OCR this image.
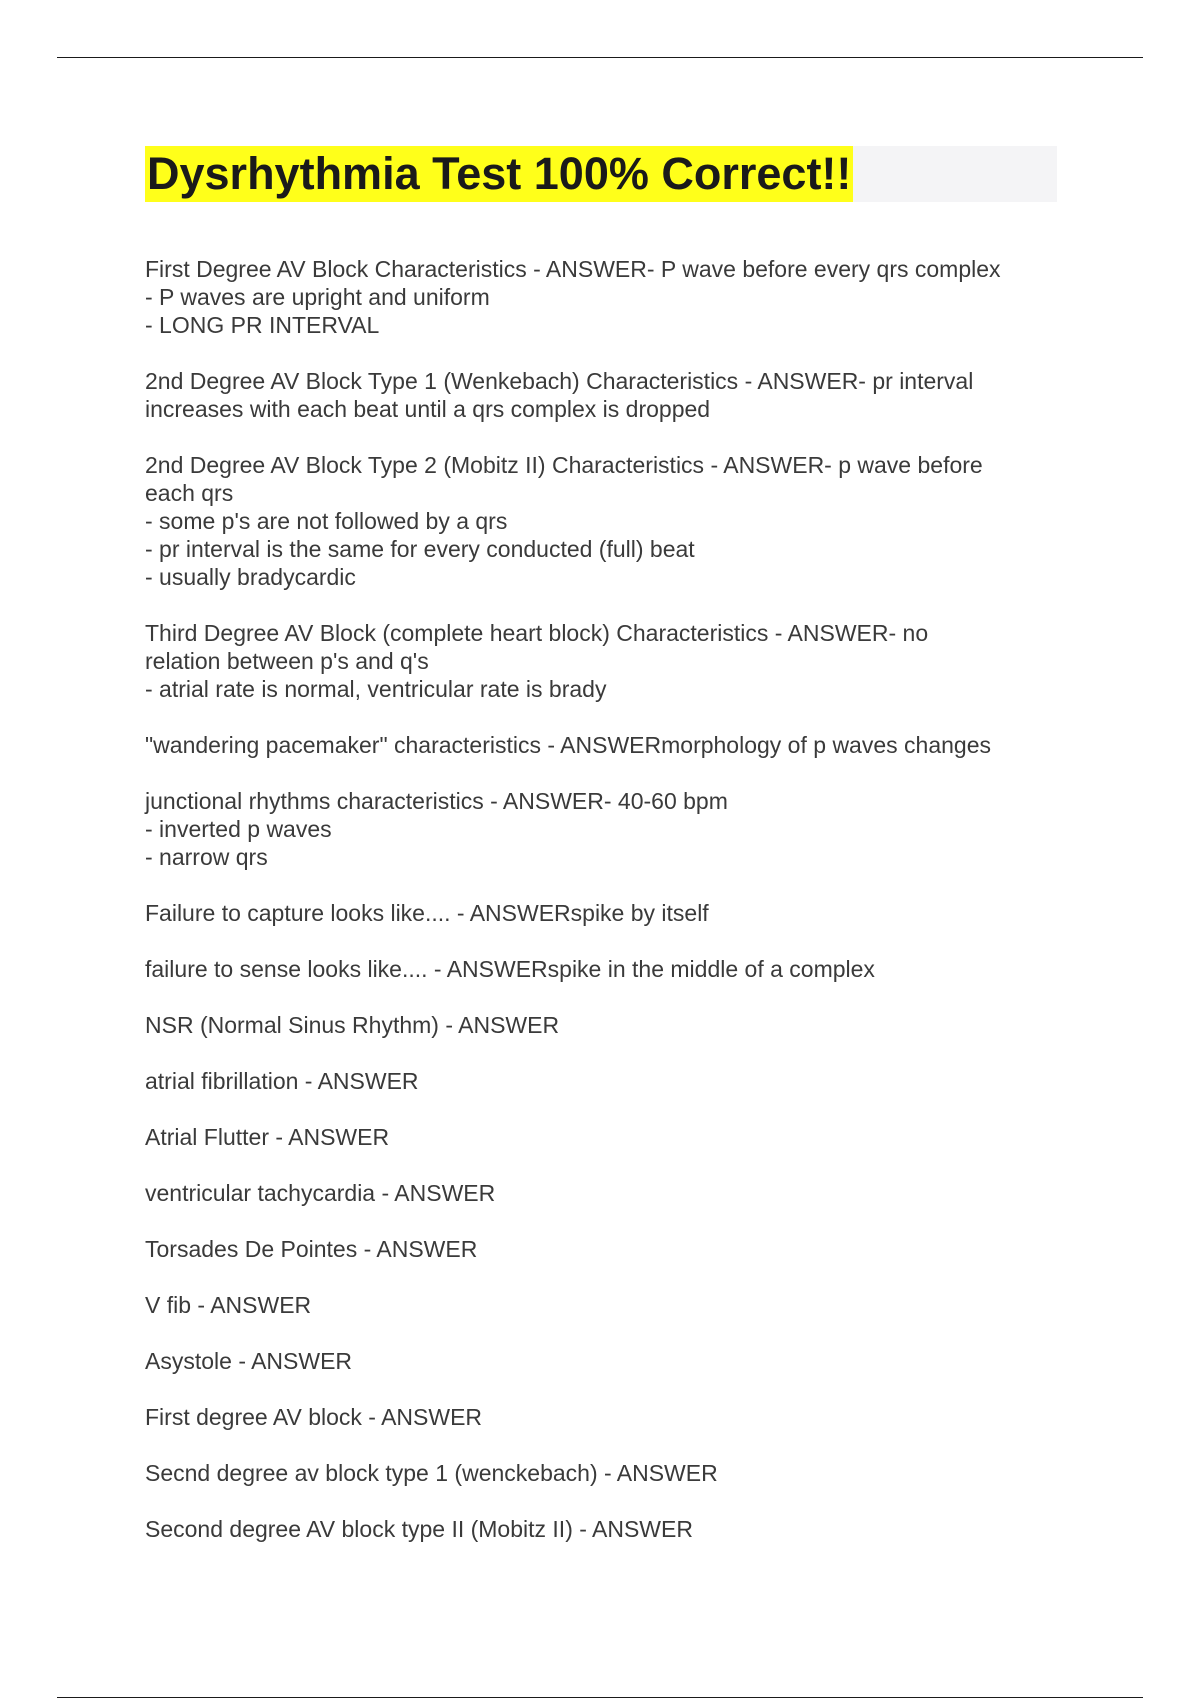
Dysrhythmia Test 100% Correct!!

First Degree AV Block Characteristics - ANSWER- P wave before every qrs complex
- P waves are upright and uniform
- LONG PR INTERVAL

2nd Degree AV Block Type 1 (Wenkebach) Characteristics - ANSWER- pr interval
increases with each beat until a qrs complex is dropped

2nd Degree AV Block Type 2 (Mobitz II) Characteristics - ANSWER- p wave before
each qrs
- some p's are not followed by a qrs
- pr interval is the same for every conducted (full) beat
- usually bradycardic

Third Degree AV Block (complete heart block) Characteristics - ANSWER- no
relation between p's and q's
- atrial rate is normal, ventricular rate is brady

"wandering pacemaker" characteristics - ANSWERmorphology of p waves changes

junctional rhythms characteristics - ANSWER- 40-60 bpm
- inverted p waves
- narrow qrs

Failure to capture looks like.... - ANSWERspike by itself

failure to sense looks like.... - ANSWERspike in the middle of a complex

NSR (Normal Sinus Rhythm) - ANSWER

atrial fibrillation - ANSWER

Atrial Flutter - ANSWER

ventricular tachycardia - ANSWER

Torsades De Pointes - ANSWER

V fib - ANSWER

Asystole - ANSWER

First degree AV block - ANSWER

Secnd degree av block type 1 (wenckebach) - ANSWER

Second degree AV block type II (Mobitz II) - ANSWER
